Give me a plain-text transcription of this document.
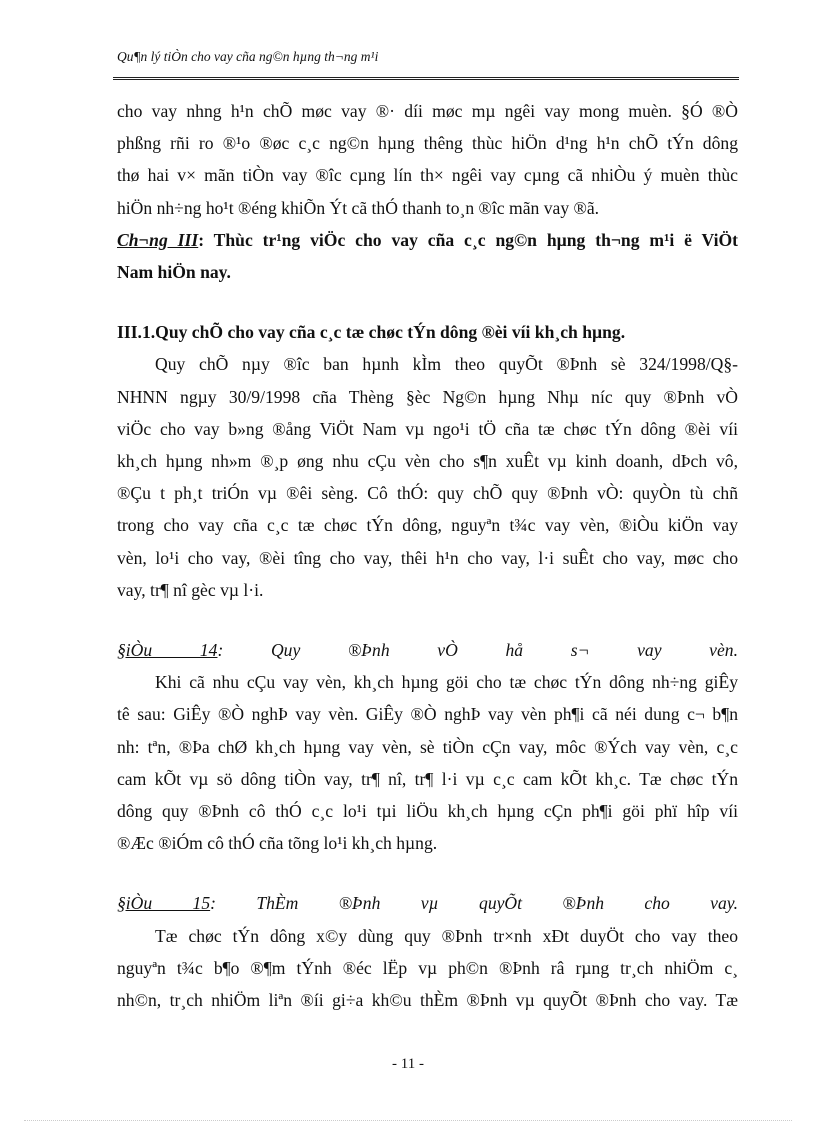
Qu¶n lý tiÒn cho vay cña ng©n hµng th¬ng m¹i

cho vay nhng h¹n chÕ møc vay ®· díi møc mµ ngêi vay mong muèn. §Ó ®Ò

phßng rñi ro ®¹o ®øc c¸c ng©n hµng thêng thùc hiÖn d¹ng h¹n chÕ tÝn dông

thø hai v× mãn tiÒn vay ®îc cµng lín th× ngêi vay cµng cã nhiÒu ý muèn thùc

hiÖn nh÷ng ho¹t ®éng khiÕn Ýt cã thÓ thanh to¸n ®îc mãn vay ®ã.

Ch¬ng III: Thùc tr¹ng viÖc cho vay cña c¸c ng©n hµng th¬ng m¹i ë ViÖt

Nam hiÖn nay.

III.1.Quy chÕ cho vay cña c¸c tæ chøc tÝn dông ®èi víi kh¸ch hµng.

Quy chÕ nµy ®îc ban hµnh kÌm theo quyÕt ®Þnh sè 324/1998/Q§-

NHNN ngµy 30/9/1998 cña Thèng §èc Ng©n hµng Nhµ níc quy ®Þnh vÒ

viÖc cho vay b»ng ®ång ViÖt Nam vµ ngo¹i tÖ cña tæ chøc tÝn dông ®èi víi

kh¸ch hµng nh»m ®¸p øng nhu cÇu vèn cho s¶n xuÊt vµ kinh doanh, dÞch vô,

®Çu t ph¸t triÓn vµ ®êi sèng. Cô thÓ: quy chÕ quy ®Þnh vÒ: quyÒn tù chñ

trong cho vay cña c¸c tæ chøc tÝn dông, nguyªn t¾c vay vèn, ®iÒu kiÖn vay

vèn, lo¹i cho vay, ®èi tîng cho vay, thêi h¹n cho vay, l·i suÊt cho vay, møc cho

vay, tr¶ nî gèc vµ l·i.

§iÒu 14: Quy ®Þnh vÒ hå s¬ vay vèn.

Khi cã nhu cÇu vay vèn, kh¸ch hµng göi cho tæ chøc tÝn dông nh÷ng giÊy

tê sau: GiÊy ®Ò nghÞ vay vèn. GiÊy ®Ò nghÞ vay vèn ph¶i cã néi dung c¬ b¶n

nh: tªn, ®Þa chØ kh¸ch hµng vay vèn, sè tiÒn cÇn vay, môc ®Ých vay vèn, c¸c

cam kÕt vµ sö dông tiÒn vay, tr¶ nî, tr¶ l·i vµ c¸c cam kÕt kh¸c. Tæ chøc tÝn

dông quy ®Þnh cô thÓ c¸c lo¹i tµi liÖu kh¸ch hµng cÇn ph¶i göi phï hîp víi

®Æc ®iÓm cô thÓ cña tõng lo¹i kh¸ch hµng.

§iÒu 15: ThÈm ®Þnh vµ quyÕt ®Þnh cho vay.

Tæ chøc tÝn dông x©y dùng quy ®Þnh tr×nh xÐt duyÖt cho vay theo

nguyªn t¾c b¶o ®¶m tÝnh ®éc lËp vµ ph©n ®Þnh râ rµng tr¸ch nhiÖm c¸

nh©n, tr¸ch nhiÖm liªn ®íi gi÷a kh©u thÈm ®Þnh vµ quyÕt ®Þnh cho vay. Tæ

- 11 -
